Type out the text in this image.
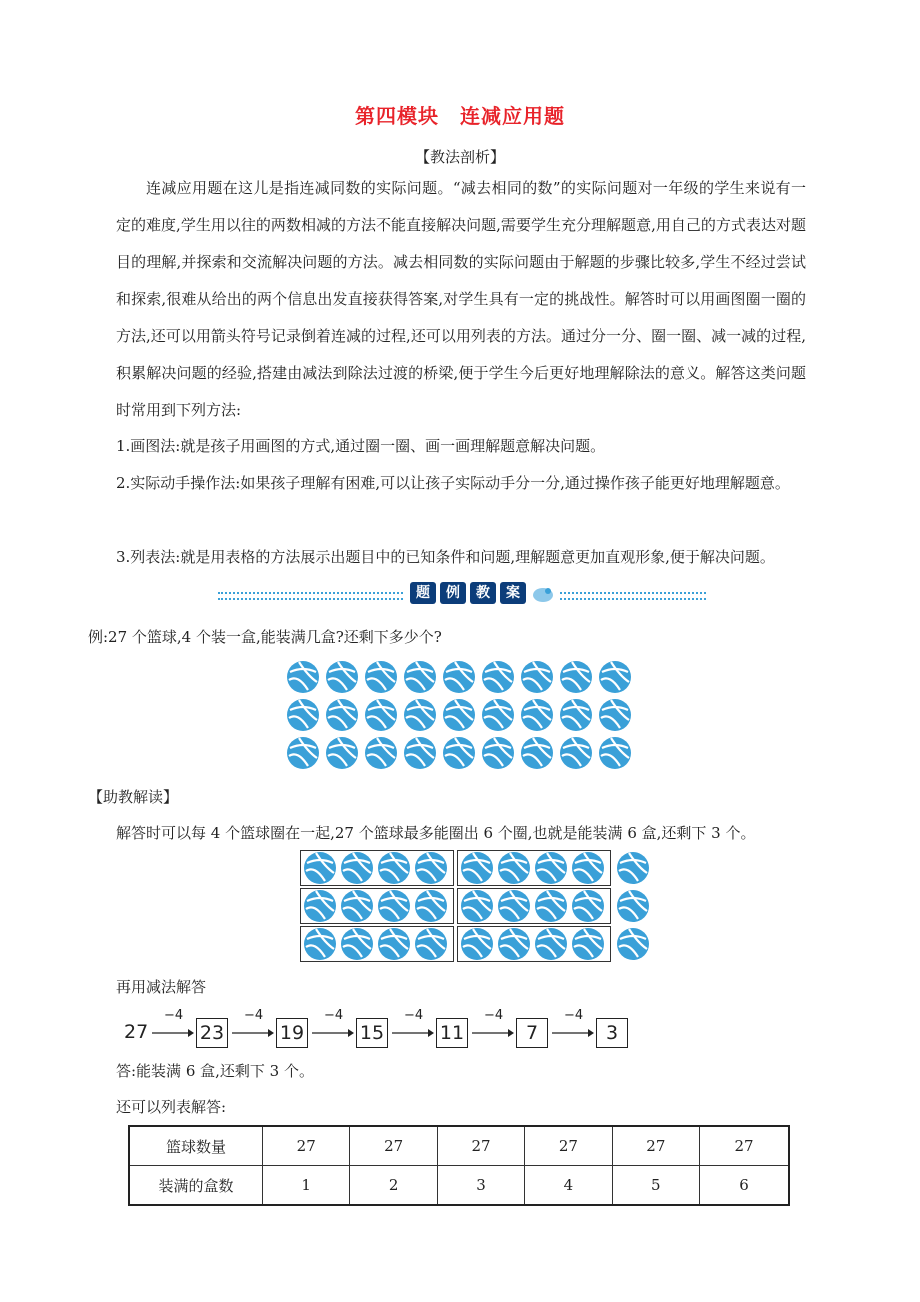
第四模块　连减应用题
【教法剖析】
连减应用题在这儿是指连减同数的实际问题。“减去相同的数”的实际问题对一年级的学生来说有一定的难度,学生用以往的两数相减的方法不能直接解决问题,需要学生充分理解题意,用自己的方式表达对题目的理解,并探索和交流解决问题的方法。减去相同数的实际问题由于解题的步骤比较多,学生不经过尝试和探索,很难从给出的两个信息出发直接获得答案,对学生具有一定的挑战性。解答时可以用画图圈一圈的方法,还可以用箭头符号记录倒着连减的过程,还可以用列表的方法。通过分一分、圈一圈、减一减的过程,积累解决问题的经验,搭建由减法到除法过渡的桥梁,便于学生今后更好地理解除法的意义。解答这类问题时常用到下列方法:
1.画图法:就是孩子用画图的方式,通过圈一圈、画一画理解题意解决问题。
2.实际动手操作法:如果孩子理解有困难,可以让孩子实际动手分一分,通过操作孩子能更好地理解题意。
3.列表法:就是用表格的方法展示出题目中的已知条件和问题,理解题意更加直观形象,便于解决问题。
题	例	教	案
例:27 个篮球,4 个装一盒,能装满几盒?还剩下多少个?
【助教解读】
解答时可以每 4 个篮球圈在一起,27 个篮球最多能圈出 6 个圈,也就是能装满 6 盒,还剩下 3 个。
再用减法解答
27
−4
23
−4
19
−4
15
−4
11
−4
7
−4
3
答:能装满 6 盒,还剩下 3 个。
还可以列表解答:
篮球数量	27	27	27	27	27	27
装满的盒数	1	2	3	4	5	6
